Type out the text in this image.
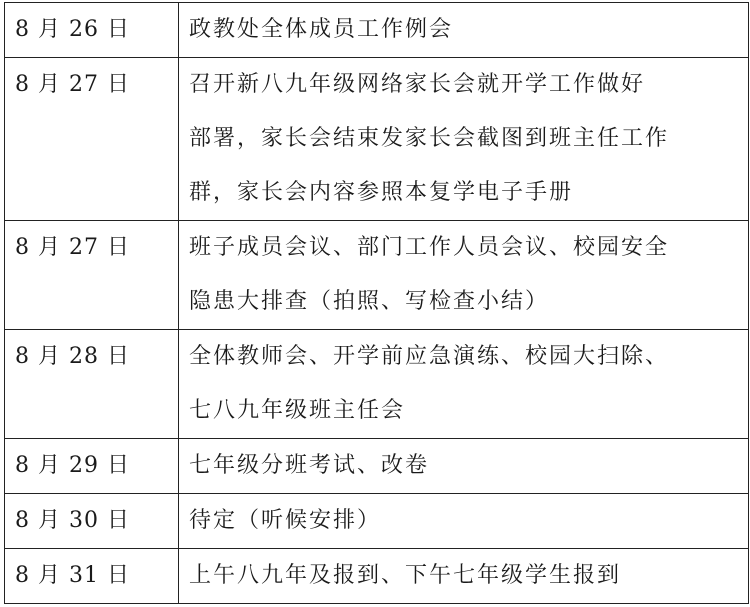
8 月 26 日	政教处全体成员工作例会

8 月 27 日	召开新八九年级网络家长会就开学工作做好
部署，家长会结束发家长会截图到班主任工作
群，家长会内容参照本复学电子手册

8 月 27 日	班子成员会议、部门工作人员会议、校园安全
隐患大排查（拍照、写检查小结）

8 月 28 日	全体教师会、开学前应急演练、校园大扫除、
七八九年级班主任会

8 月 29 日	七年级分班考试、改卷

8 月 30 日	待定（听候安排）

8 月 31 日	上午八九年及报到、下午七年级学生报到
